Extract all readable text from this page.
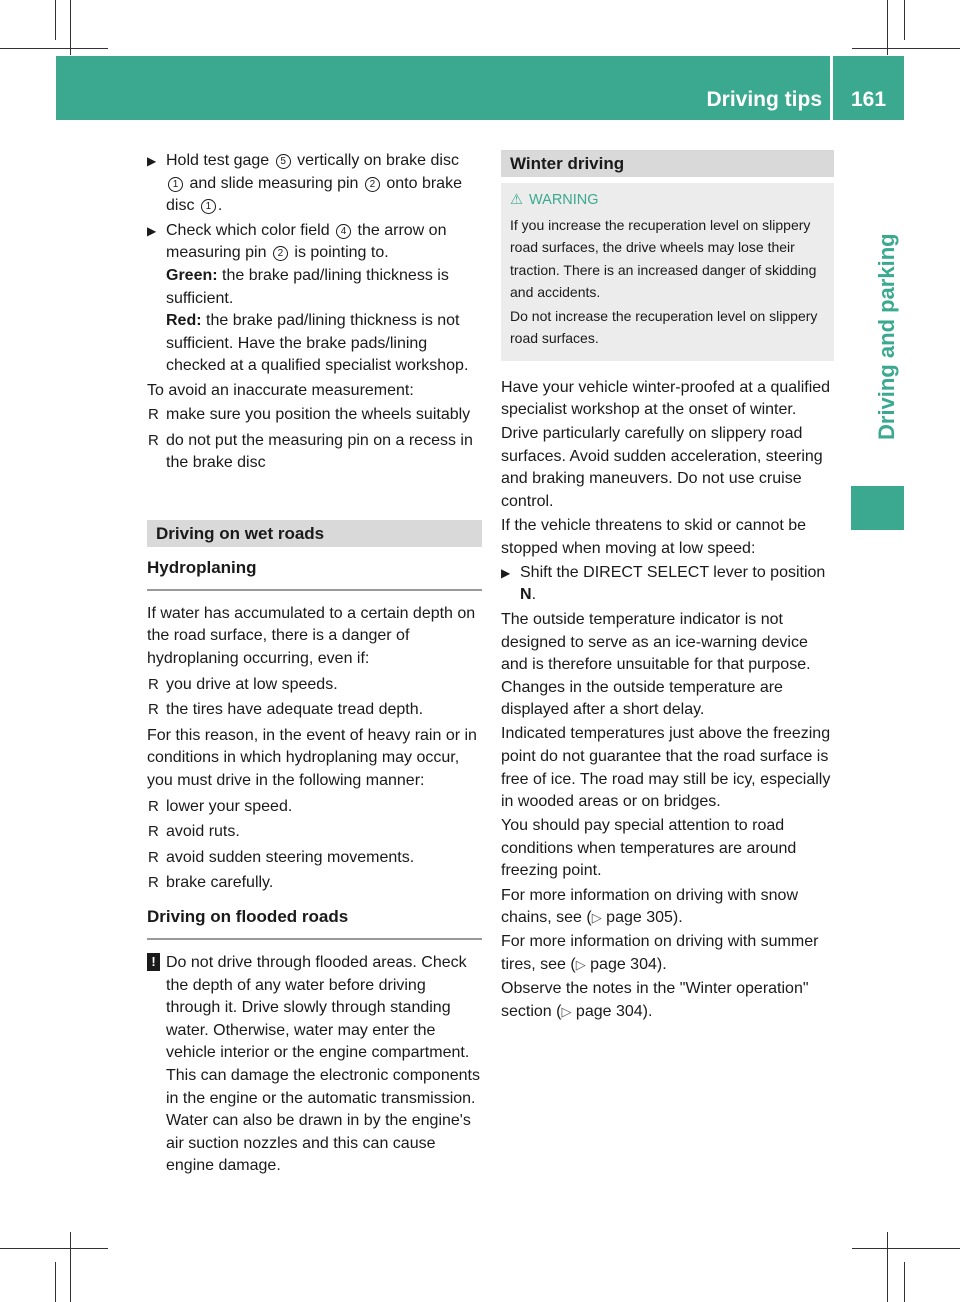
Driving tips	161
Driving and parking
▶ Hold test gage 5 vertically on brake disc 1 and slide measuring pin 2 onto brake disc 1 .

▶ Check which color field 4 the arrow on measuring pin 2 is pointing to.

Green: the brake pad/lining thickness is sufficient.

Red: the brake pad/lining thickness is not sufficient. Have the brake pads/lining checked at a qualified specialist workshop.

To avoid an inaccurate measurement:

R make sure you position the wheels suitably

R do not put the measuring pin on a recess in the brake disc

Driving on wet roads
Hydroplaning

If water has accumulated to a certain depth on the road surface, there is a danger of hydroplaning occurring, even if:

R you drive at low speeds.

R the tires have adequate tread depth.

For this reason, in the event of heavy rain or in conditions in which hydroplaning may occur, you must drive in the following manner:

R lower your speed.

R avoid ruts.

R avoid sudden steering movements.

R brake carefully.

Driving on flooded roads
! Do not drive through flooded areas. Check the depth of any water before driving through it. Drive slowly through standing water. Otherwise, water may enter the vehicle interior or the engine compartment. This can damage the electronic components in the engine or the automatic transmission. Water can also be drawn in by the engine's air suction nozzles and this can cause engine damage.

Winter driving
⚠ WARNING

If you increase the recuperation level on slippery road surfaces, the drive wheels may lose their traction. There is an increased danger of skidding and accidents.

Do not increase the recuperation level on slippery road surfaces.

Have your vehicle winter-proofed at a qualified specialist workshop at the onset of winter.

Drive particularly carefully on slippery road surfaces. Avoid sudden acceleration, steering and braking maneuvers. Do not use cruise control.

If the vehicle threatens to skid or cannot be stopped when moving at low speed:

▶ Shift the DIRECT SELECT lever to position N.

The outside temperature indicator is not designed to serve as an ice-warning device and is therefore unsuitable for that purpose. Changes in the outside temperature are displayed after a short delay.

Indicated temperatures just above the freezing point do not guarantee that the road surface is free of ice. The road may still be icy, especially in wooded areas or on bridges.

You should pay special attention to road conditions when temperatures are around freezing point.

For more information on driving with snow chains, see (▷ page 305).

For more information on driving with summer tires, see (▷ page 304).

Observe the notes in the "Winter operation" section (▷ page 304).
